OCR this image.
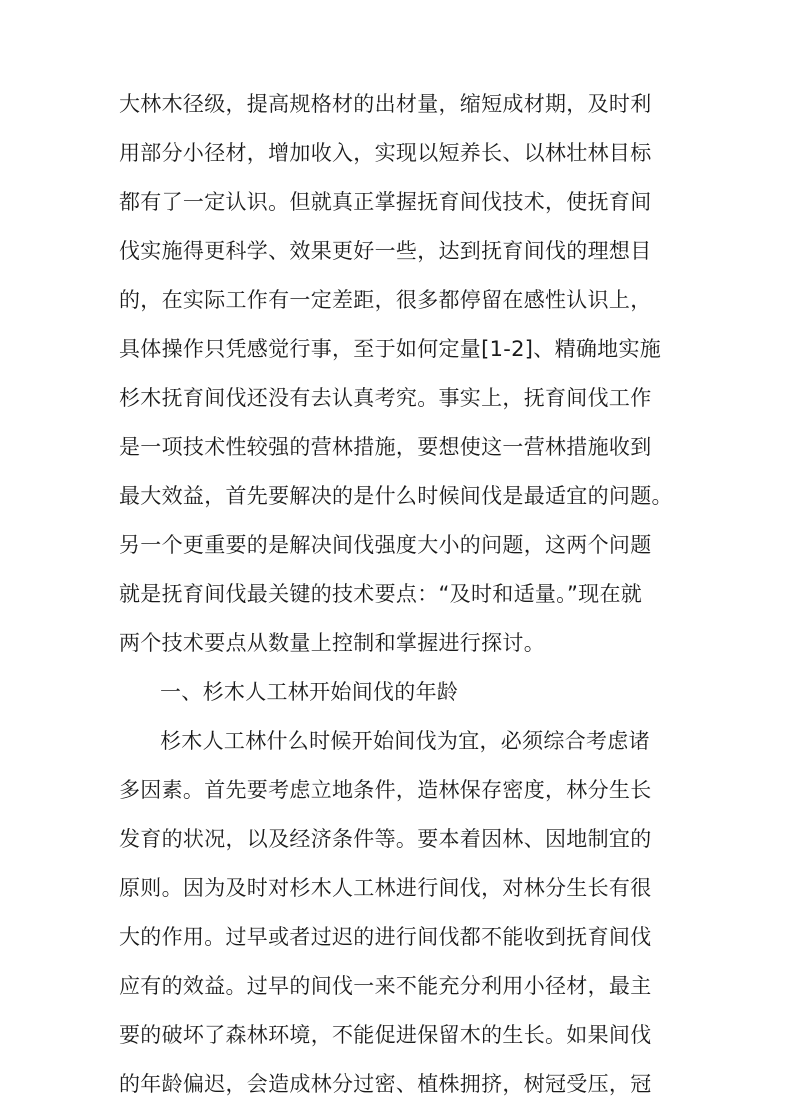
大林木径级，提高规格材的出材量，缩短成材期，及时利
用部分小径材，增加收入，实现以短养长、以林壮林目标
都有了一定认识。但就真正掌握抚育间伐技术，使抚育间
伐实施得更科学、效果更好一些，达到抚育间伐的理想目
的，在实际工作有一定差距，很多都停留在感性认识上，
具体操作只凭感觉行事，至于如何定量[1-2]、精确地实施
杉木抚育间伐还没有去认真考究。事实上，抚育间伐工作
是一项技术性较强的营林措施，要想使这一营林措施收到
最大效益，首先要解决的是什么时候间伐是最适宜的问题。
另一个更重要的是解决间伐强度大小的问题，这两个问题
就是抚育间伐最关键的技术要点：“及时和适量。”现在就
两个技术要点从数量上控制和掌握进行探讨。
一、杉木人工林开始间伐的年龄
杉木人工林什么时候开始间伐为宜，必须综合考虑诸
多因素。首先要考虑立地条件，造林保存密度，林分生长
发育的状况，以及经济条件等。要本着因林、因地制宜的
原则。因为及时对杉木人工林进行间伐，对林分生长有很
大的作用。过早或者过迟的进行间伐都不能收到抚育间伐
应有的效益。过早的间伐一来不能充分利用小径材，最主
要的破坏了森林环境，不能促进保留木的生长。如果间伐
的年龄偏迟，会造成林分过密、植株拥挤，树冠受压，冠
